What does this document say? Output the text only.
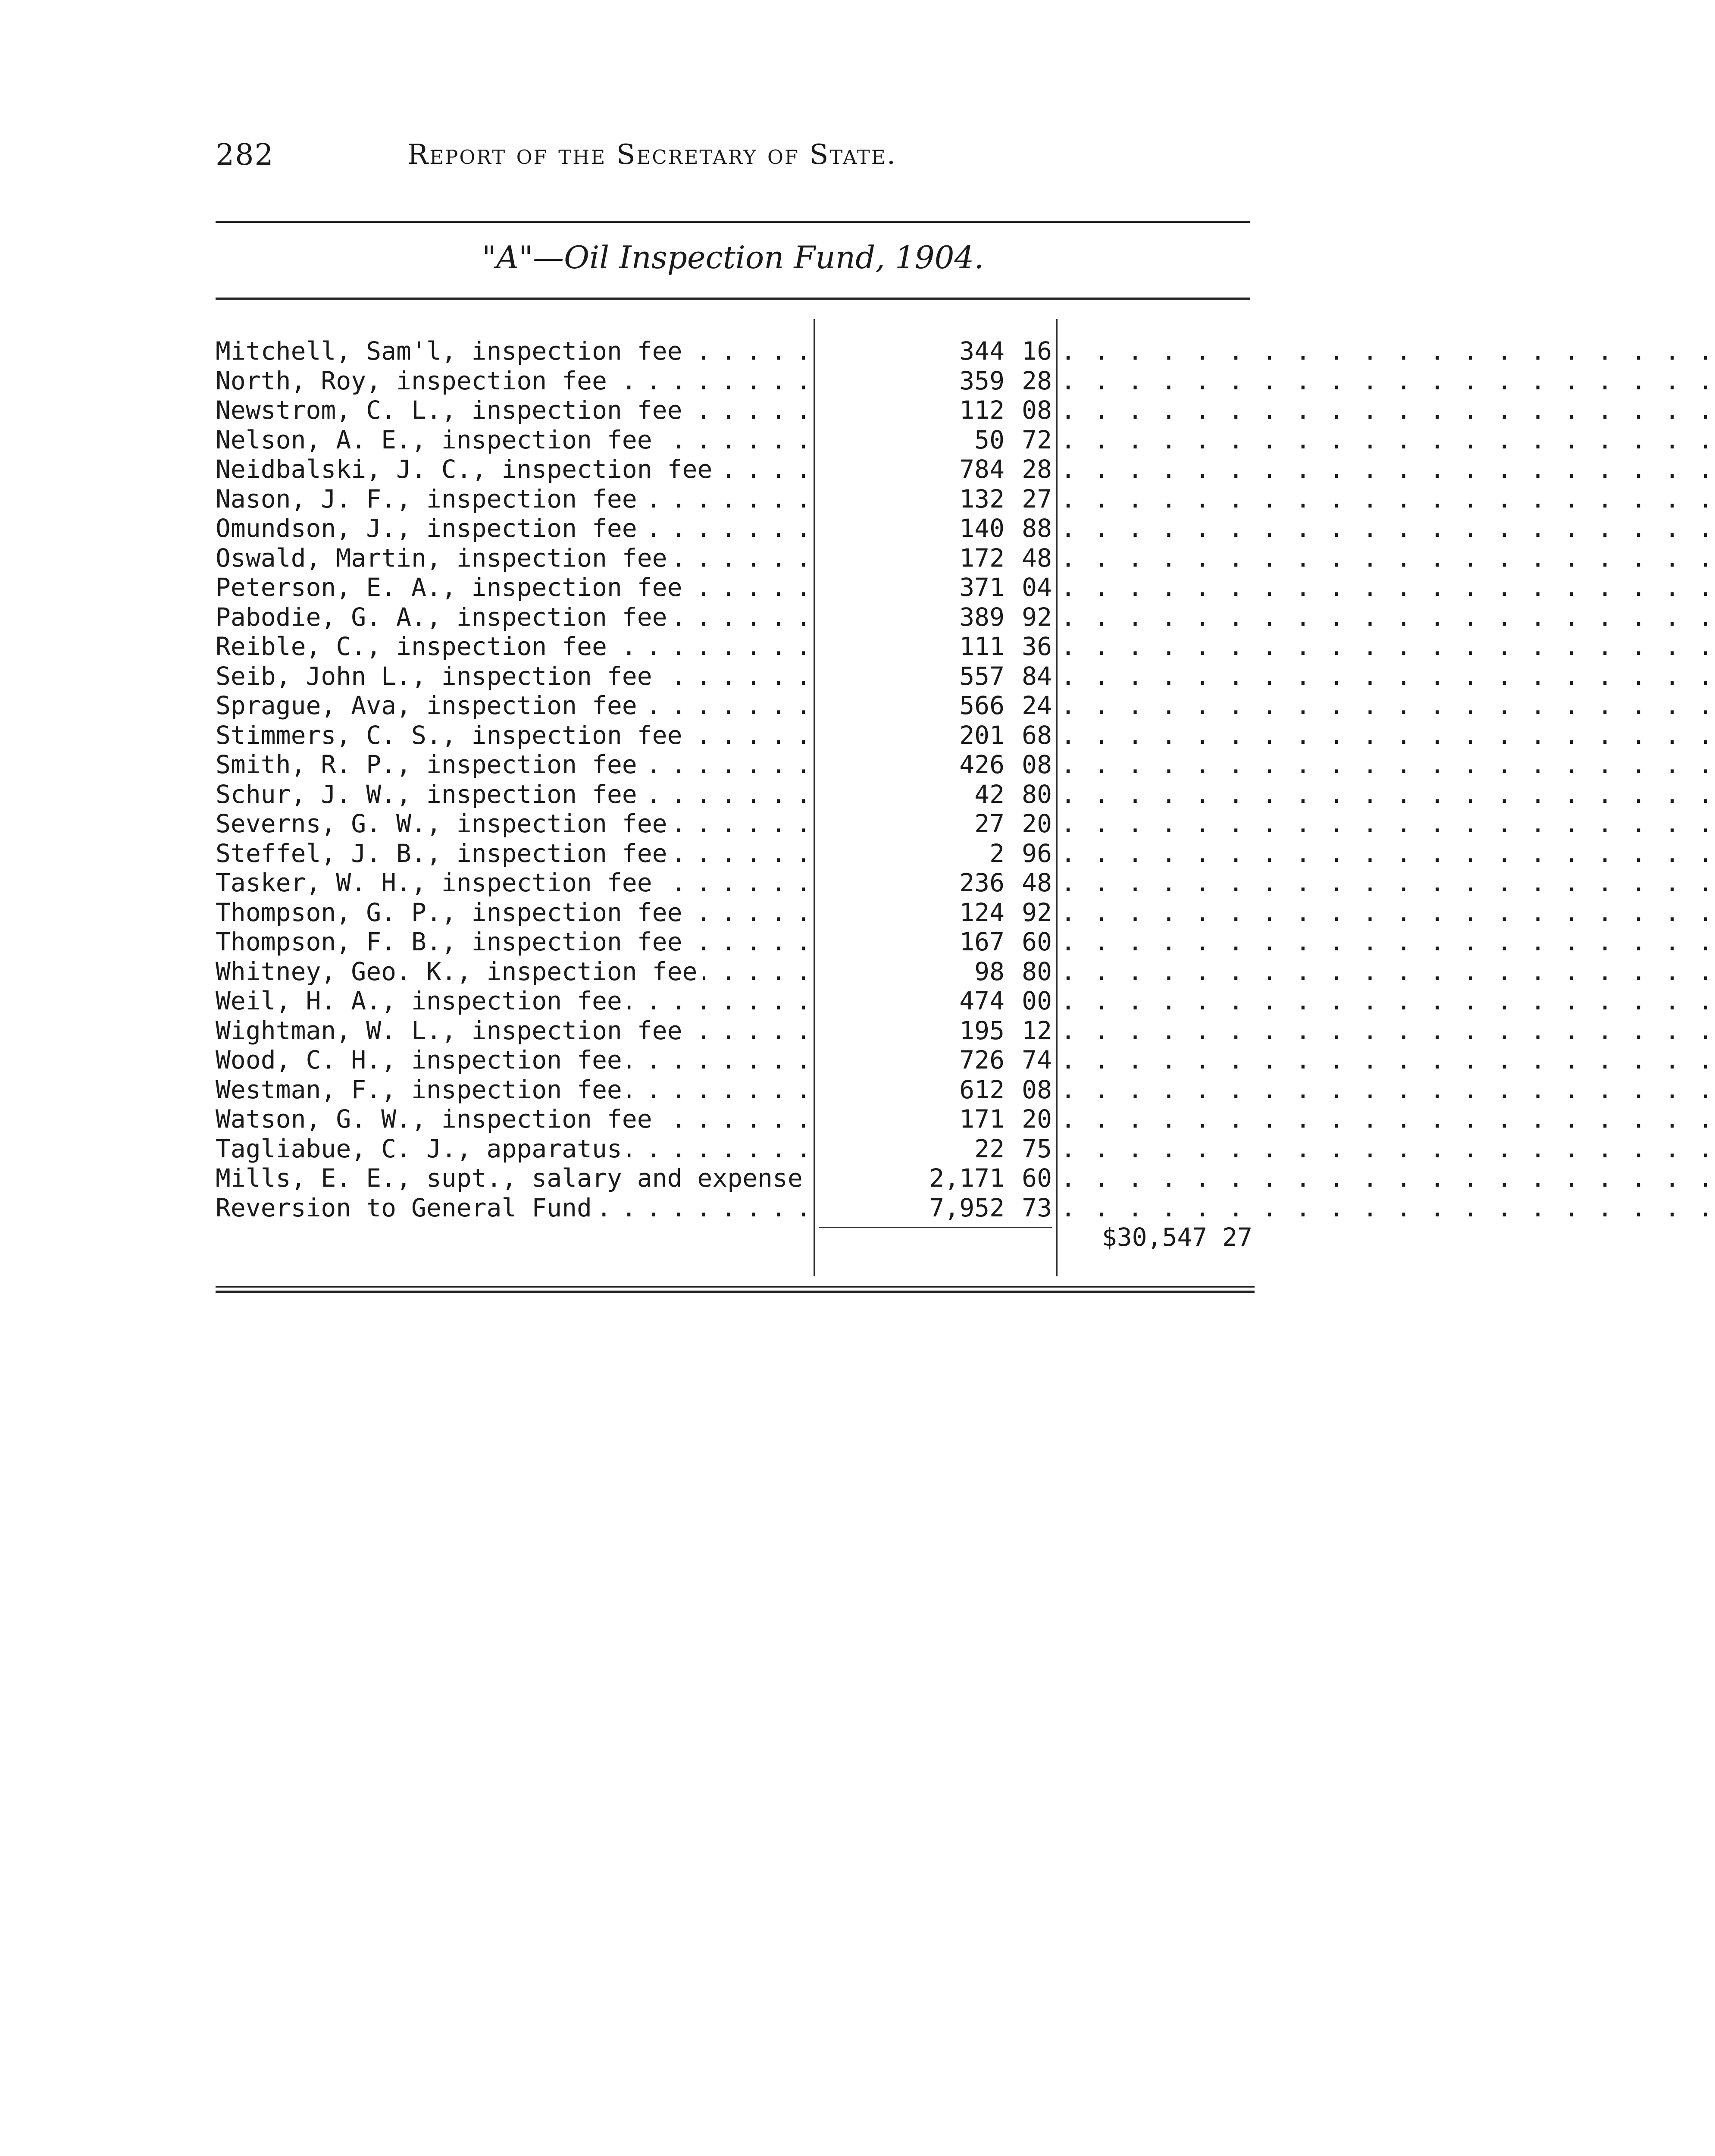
282	Report of the Secretary of State.
"A"—Oil Inspection Fund, 1904.
Mitchell, Sam'l, inspection fee . . .	344 16 . . . . . . . . . . . . . . . . . . . .
North, Roy, inspection fee . . .	359 28 . . . . . . . . . . . . . . . . . . . .
Newstrom, C. L., inspection fee . . .	112 08 . . . . . . . . . . . . . . . . . . . .
Nelson, A. E., inspection fee . . .	50 72 . . . . . . . . . . . . . . . . . . . .
Neidbalski, J. C., inspection fee . . .	784 28 . . . . . . . . . . . . . . . . . . . .
Nason, J. F., inspection fee . . .	132 27 . . . . . . . . . . . . . . . . . . . .
Omundson, J., inspection fee . . .	140 88 . . . . . . . . . . . . . . . . . . . .
Oswald, Martin, inspection fee . . .	172 48 . . . . . . . . . . . . . . . . . . . .
Peterson, E. A., inspection fee . . .	371 04 . . . . . . . . . . . . . . . . . . . .
Pabodie, G. A., inspection fee . . .	389 92 . . . . . . . . . . . . . . . . . . . .
Reible, C., inspection fee . . .	111 36 . . . . . . . . . . . . . . . . . . . .
Seib, John L., inspection fee . . .	557 84 . . . . . . . . . . . . . . . . . . . .
Sprague, Ava, inspection fee . . .	566 24 . . . . . . . . . . . . . . . . . . . .
Stimmers, C. S., inspection fee . . .	201 68 . . . . . . . . . . . . . . . . . . . .
Smith, R. P., inspection fee . . .	426 08 . . . . . . . . . . . . . . . . . . . .
Schur, J. W., inspection fee . . .	42 80 . . . . . . . . . . . . . . . . . . . .
Severns, G. W., inspection fee . . .	27 20 . . . . . . . . . . . . . . . . . . . .
Steffel, J. B., inspection fee . . .	2 96 . . . . . . . . . . . . . . . . . . . .
Tasker, W. H., inspection fee . . .	236 48 . . . . . . . . . . . . . . . . . . . .
Thompson, G. P., inspection fee . . .	124 92 . . . . . . . . . . . . . . . . . . . .
Thompson, F. B., inspection fee . . .	167 60 . . . . . . . . . . . . . . . . . . . .
Whitney, Geo. K., inspection fee . . .	98 80 . . . . . . . . . . . . . . . . . . . .
Weil, H. A., inspection fee . . .	474 00 . . . . . . . . . . . . . . . . . . . .
Wightman, W. L., inspection fee . . .	195 12 . . . . . . . . . . . . . . . . . . . .
Wood, C. H., inspection fee . . .	726 74 . . . . . . . . . . . . . . . . . . . .
Westman, F., inspection fee . . .	612 08 . . . . . . . . . . . . . . . . . . . .
Watson, G. W., inspection fee . . .	171 20 . . . . . . . . . . . . . . . . . . . .
Tagliabue, C. J., apparatus . . .	22 75 . . . . . . . . . . . . . . . . . . . .
Mills, E. E., supt., salary and expense . . .	2,171 60 . . . . . . . . . . . . . . . . . . . .
Reversion to General Fund . . .	7,952 73 . . . . . . . . . . . . . . . . . . . .
$30,547 27
